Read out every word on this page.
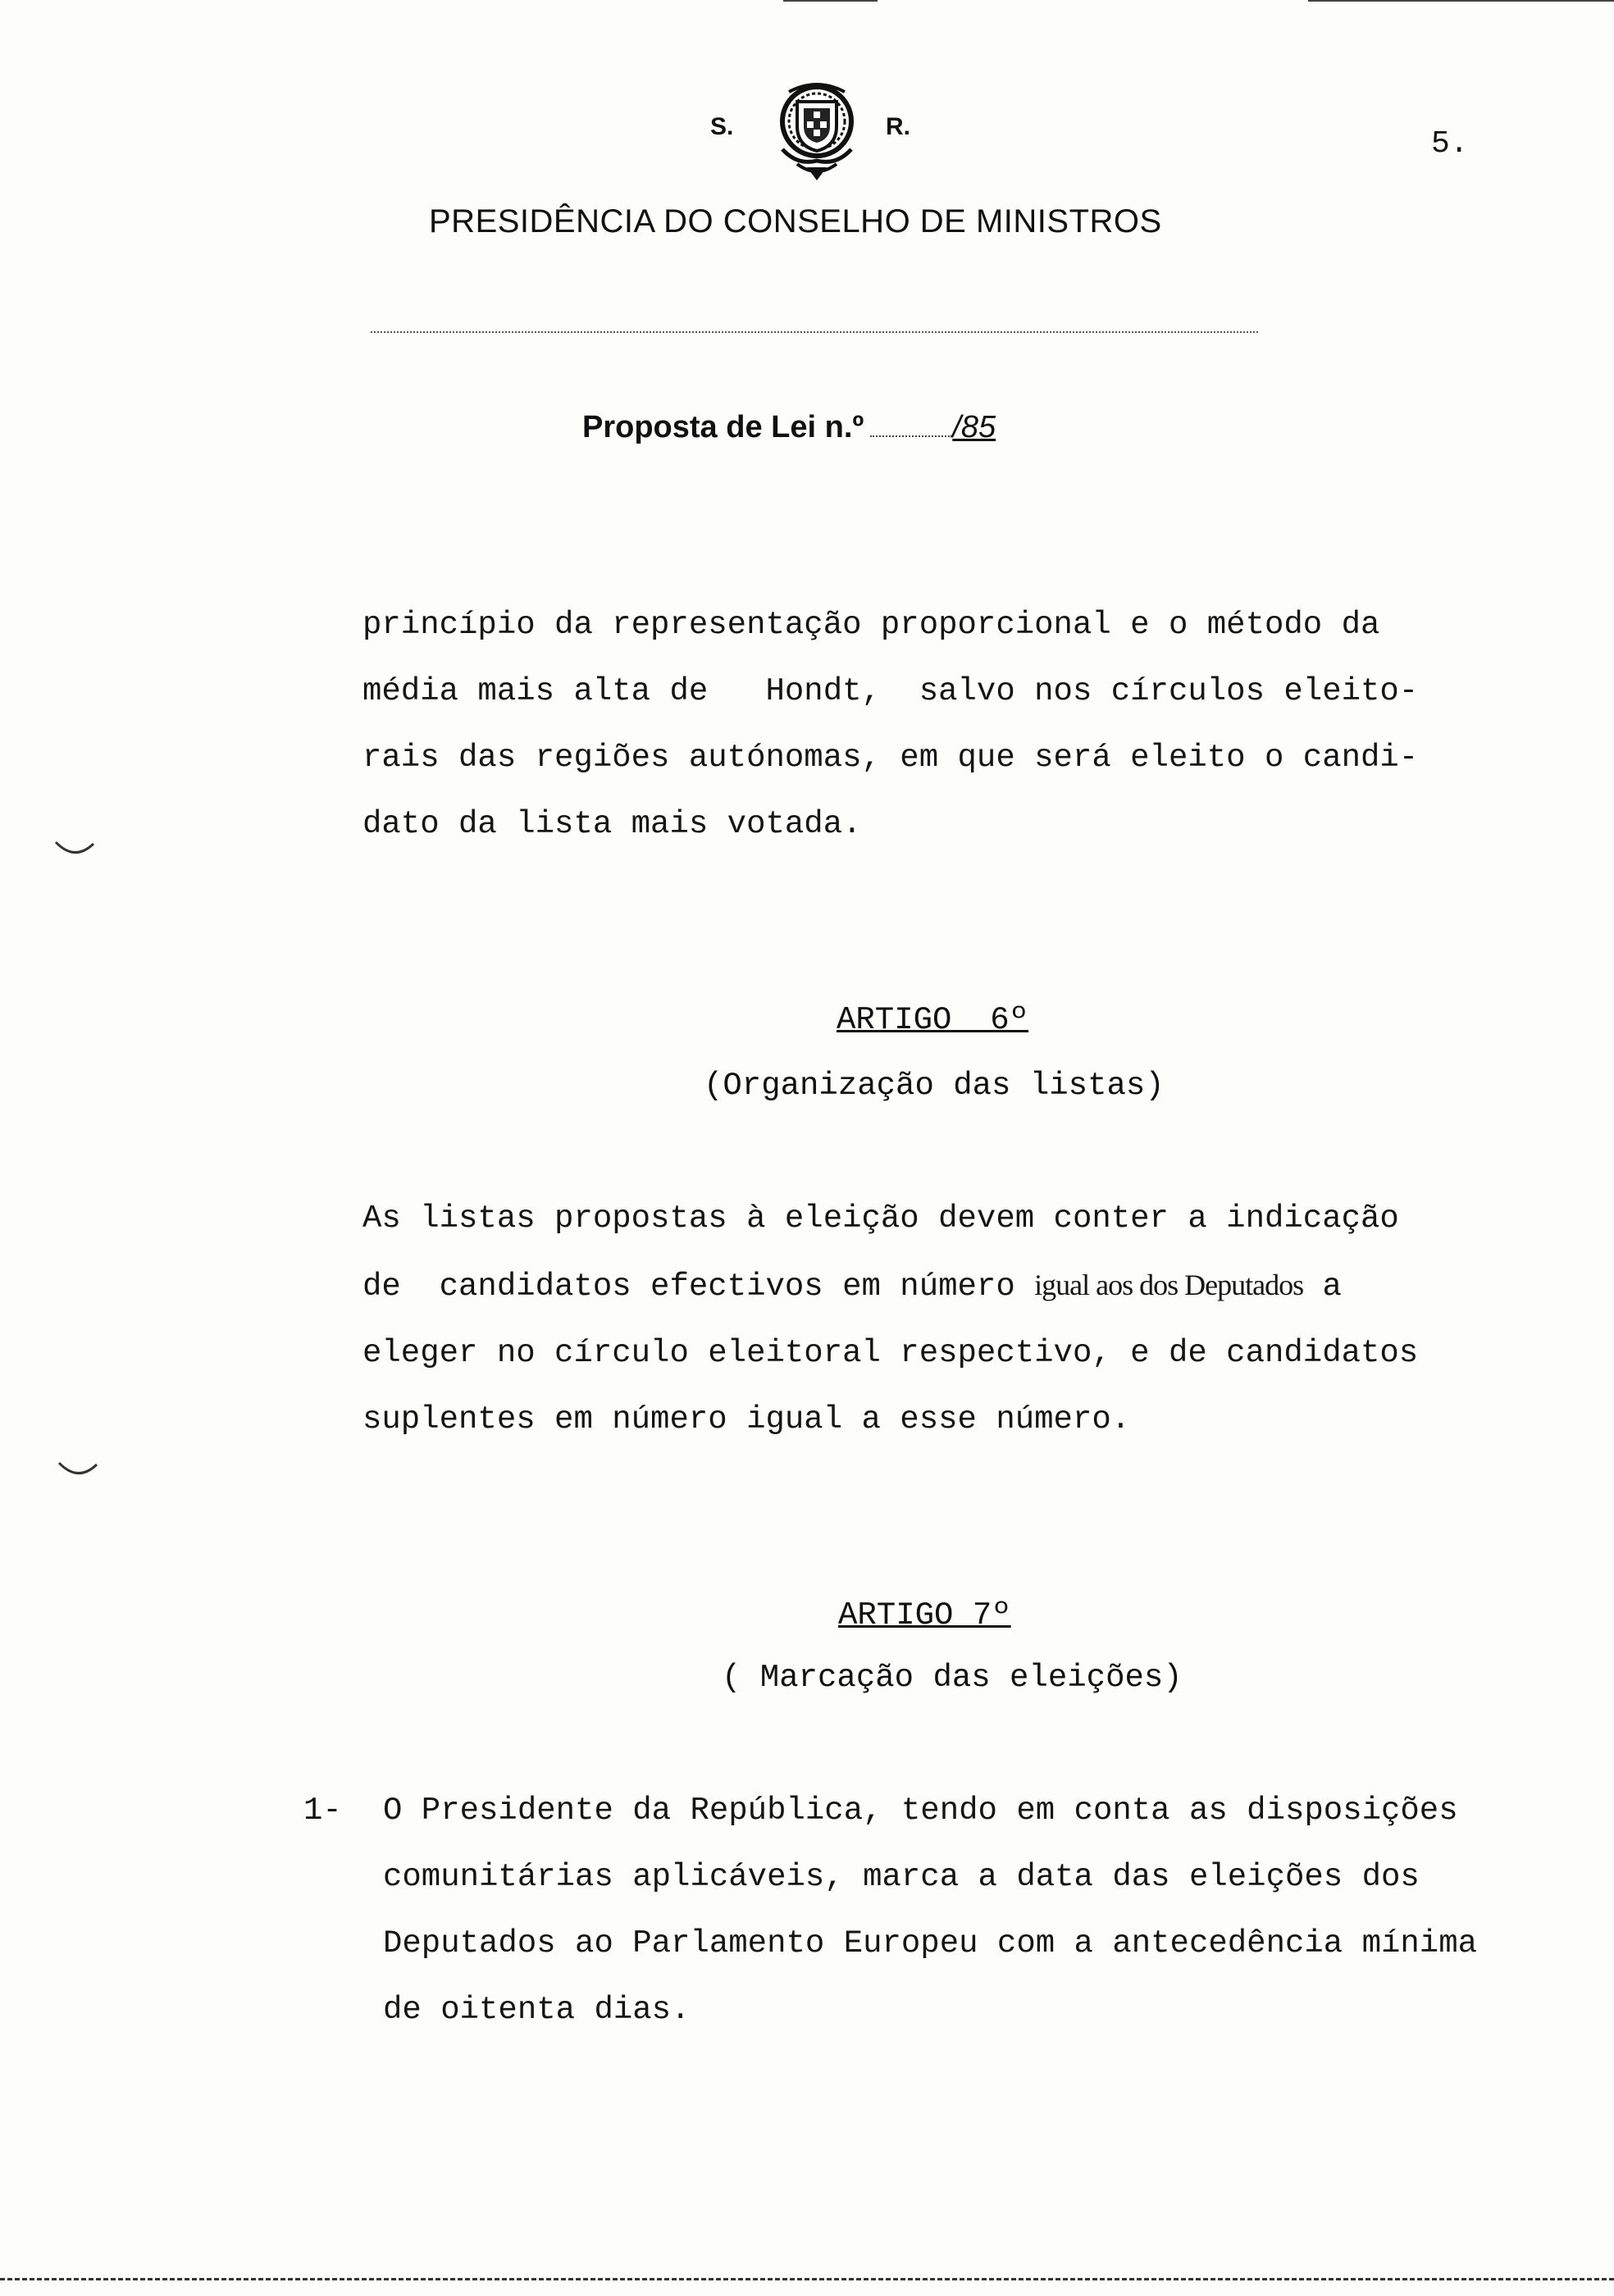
S.	R.	5.
PRESIDÊNCIA DO CONSELHO DE MINISTROS
Proposta de Lei n.º	/85
princípio da representação proporcional e o método da
média mais alta de   Hondt,  salvo nos círculos eleito-
rais das regiões autónomas, em que será eleito o candi-
dato da lista mais votada.
ARTIGO  6º
(Organização das listas)
As listas propostas à eleição devem conter a indicação
de  candidatos efectivos em número igual aos dos Deputados a
eleger no círculo eleitoral respectivo, e de candidatos
suplentes em número igual a esse número.
ARTIGO 7º
( Marcação das eleições)
1- O Presidente da República, tendo em conta as disposições
comunitárias aplicáveis, marca a data das eleições dos
Deputados ao Parlamento Europeu com a antecedência mínima
de oitenta dias.
